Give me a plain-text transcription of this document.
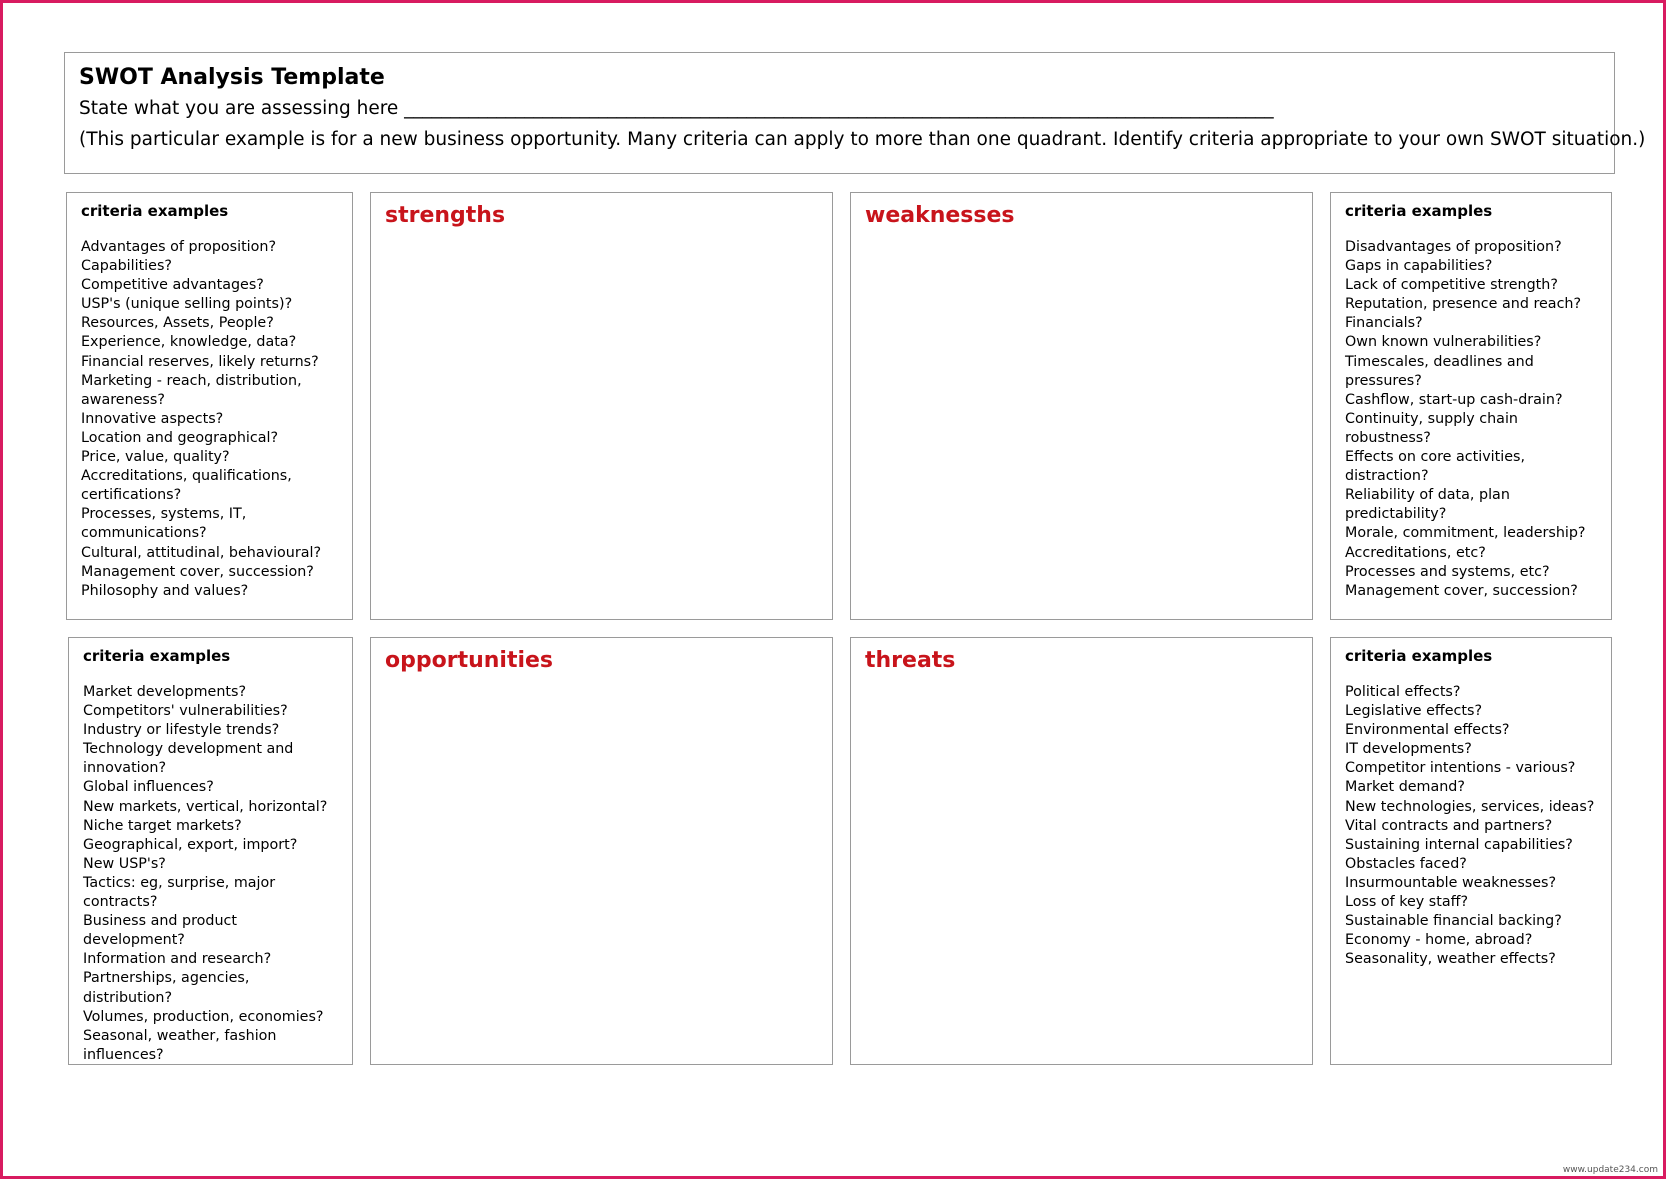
SWOT Analysis Template
State what you are assessing here ______________________________________________________________________________________________
(This particular example is for a new business opportunity. Many criteria can apply to more than one quadrant. Identify criteria appropriate to your own SWOT situation.)
criteria examples
Advantages of proposition?
Capabilities?
Competitive advantages?
USP's (unique selling points)?
Resources, Assets, People?
Experience, knowledge, data?
Financial reserves, likely returns?
Marketing - reach, distribution,
awareness?
Innovative aspects?
Location and geographical?
Price, value, quality?
Accreditations, qualifications,
certifications?
Processes, systems, IT,
communications?
Cultural, attitudinal, behavioural?
Management cover, succession?
Philosophy and values?
strengths	weaknesses	criteria examples
Disadvantages of proposition?
Gaps in capabilities?
Lack of competitive strength?
Reputation, presence and reach?
Financials?
Own known vulnerabilities?
Timescales, deadlines and
pressures?
Cashflow, start-up cash-drain?
Continuity, supply chain
robustness?
Effects on core activities,
distraction?
Reliability of data, plan
predictability?
Morale, commitment, leadership?
Accreditations, etc?
Processes and systems, etc?
Management cover, succession?
criteria examples
Market developments?
Competitors' vulnerabilities?
Industry or lifestyle trends?
Technology development and
innovation?
Global influences?
New markets, vertical, horizontal?
Niche target markets?
Geographical, export, import?
New USP's?
Tactics: eg, surprise, major
contracts?
Business and product development?
Information and research?
Partnerships, agencies, distribution?
Volumes, production, economies?
Seasonal, weather, fashion
influences?
opportunities	threats	criteria examples
Political effects?
Legislative effects?
Environmental effects?
IT developments?
Competitor intentions - various?
Market demand?
New technologies, services, ideas?
Vital contracts and partners?
Sustaining internal capabilities?
Obstacles faced?
Insurmountable weaknesses?
Loss of key staff?
Sustainable financial backing?
Economy - home, abroad?
Seasonality, weather effects?
www.update234.com
